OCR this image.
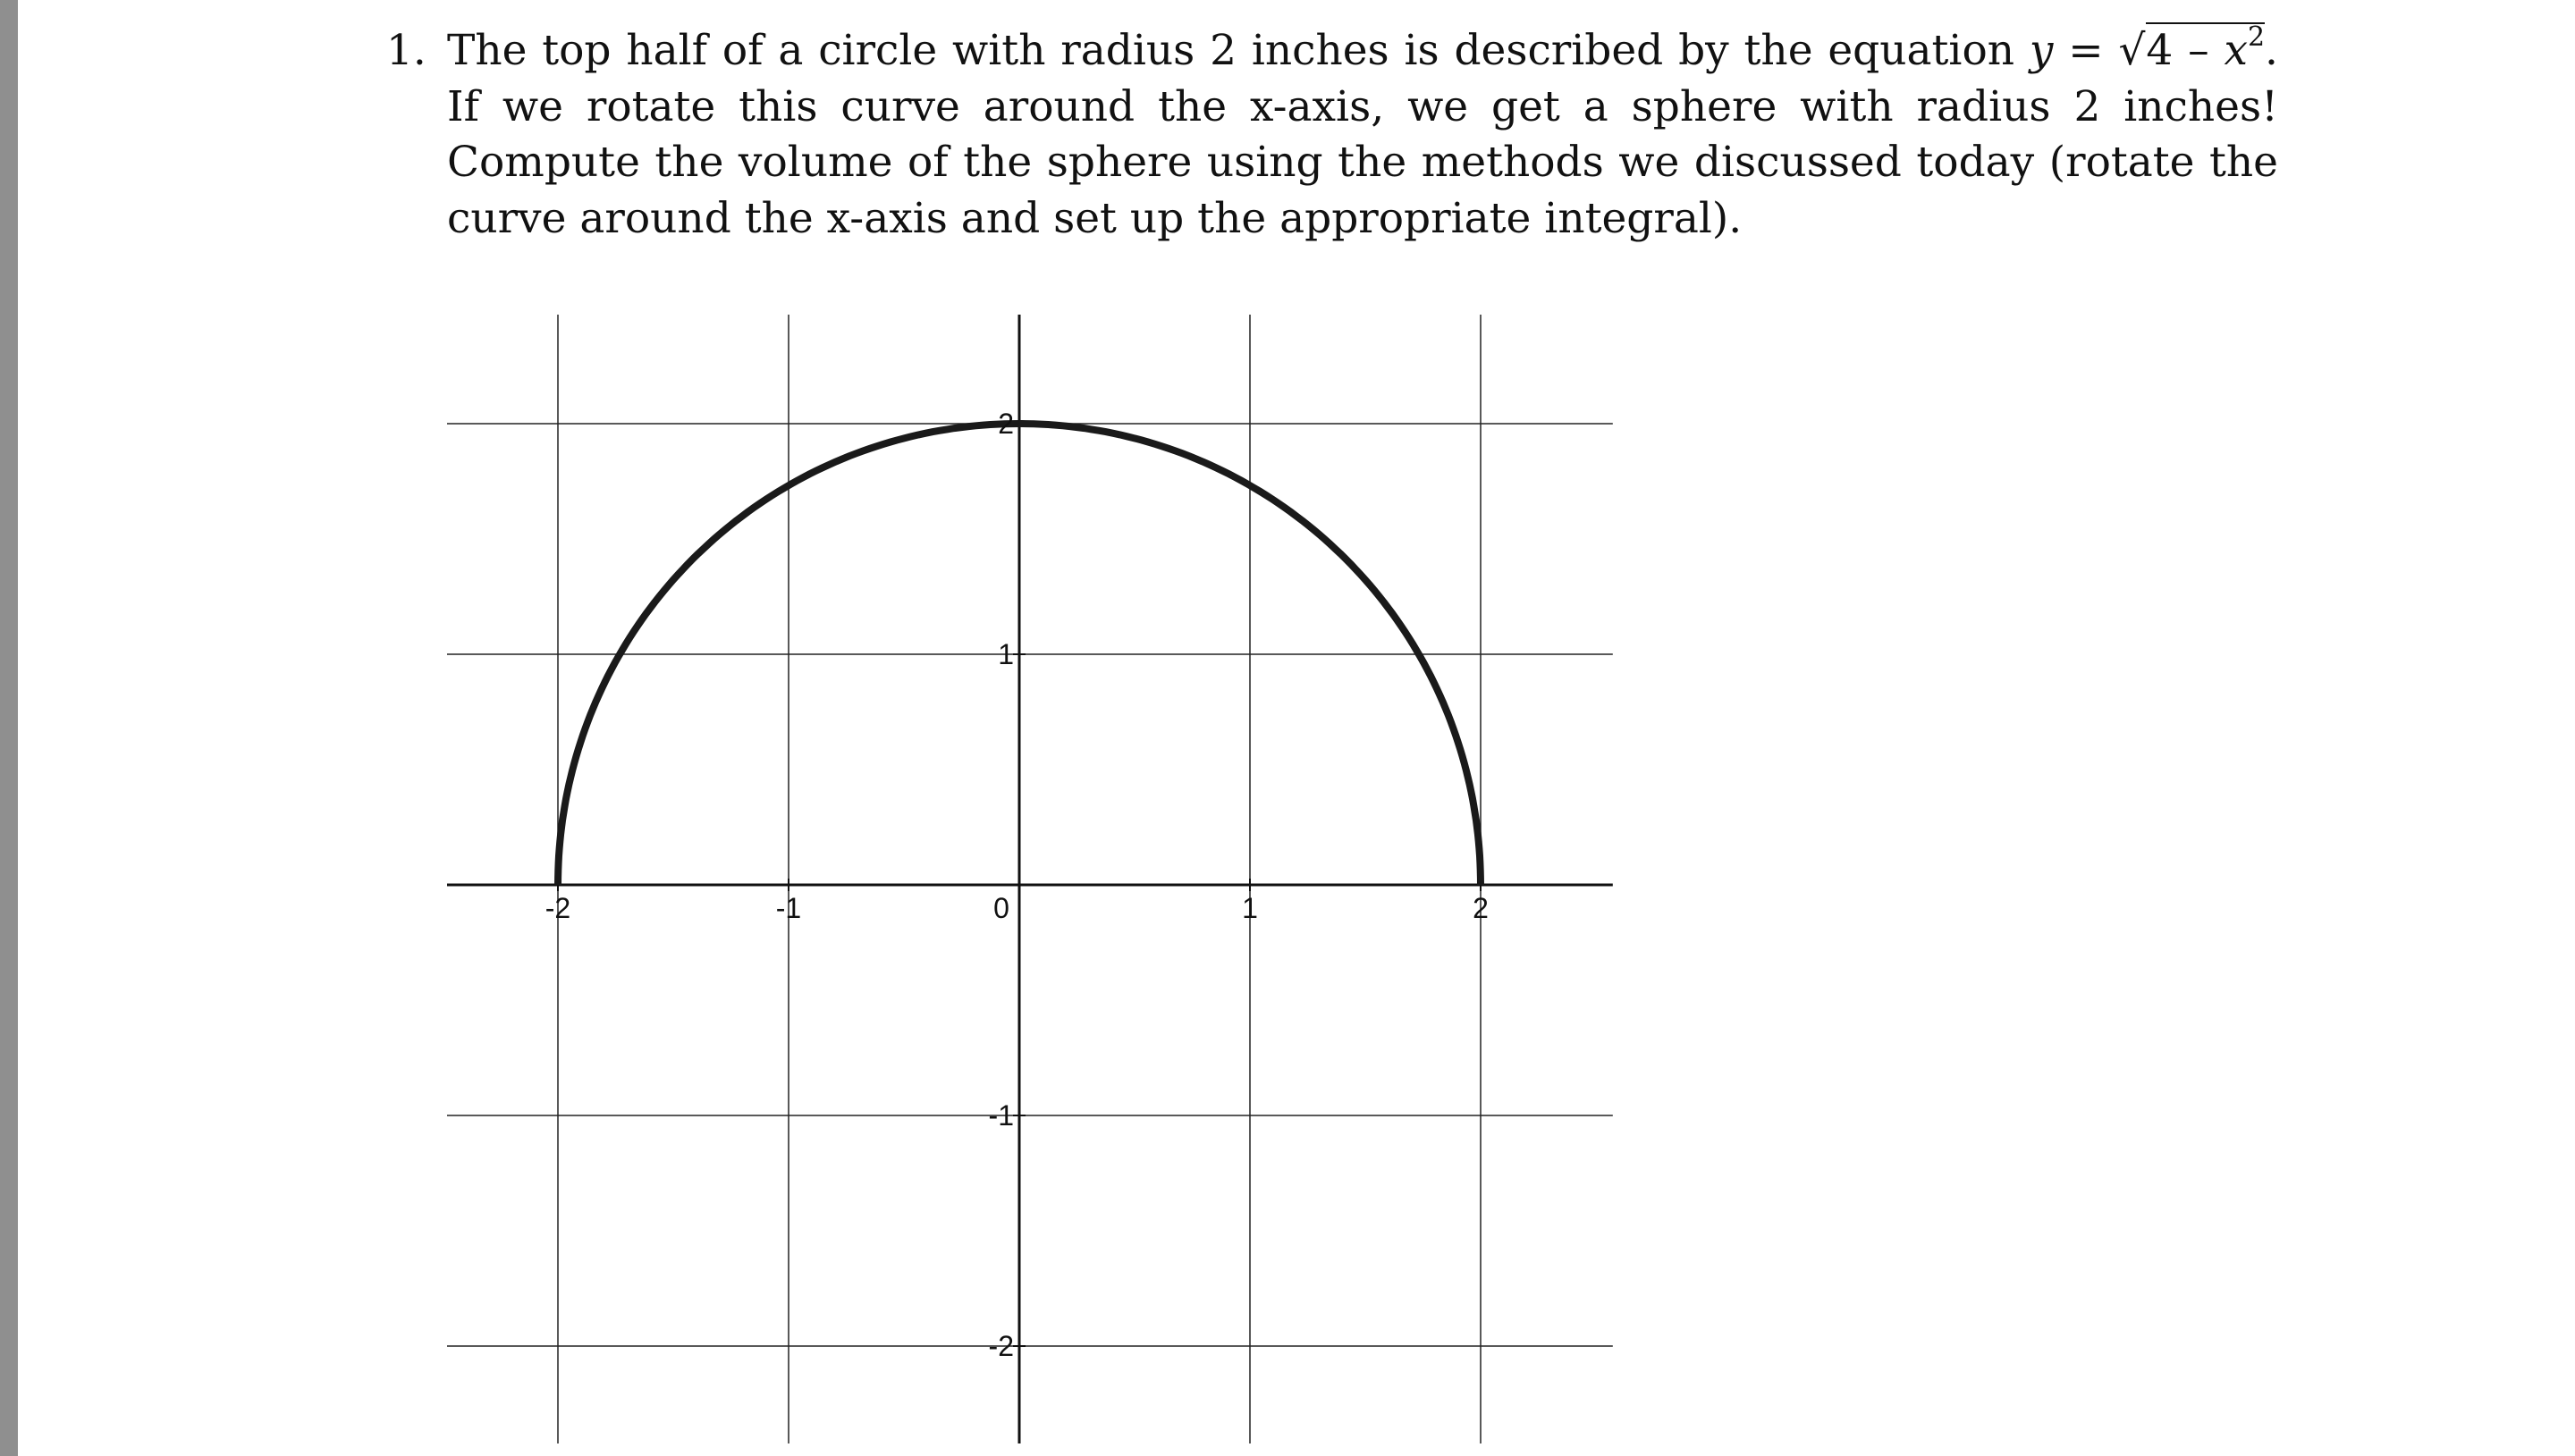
1. The top half of a circle with radius 2 inches is described by the equation $y = √4 - x^2$. If we rotate this curve around the x-axis, we get a sphere with radius 2 inches! Compute the volume of the sphere using the methods we discussed today (rotate the curve around the x-axis and set up the appropriate integral).
-2	-1	0	1	2
2
1
-1
-2
